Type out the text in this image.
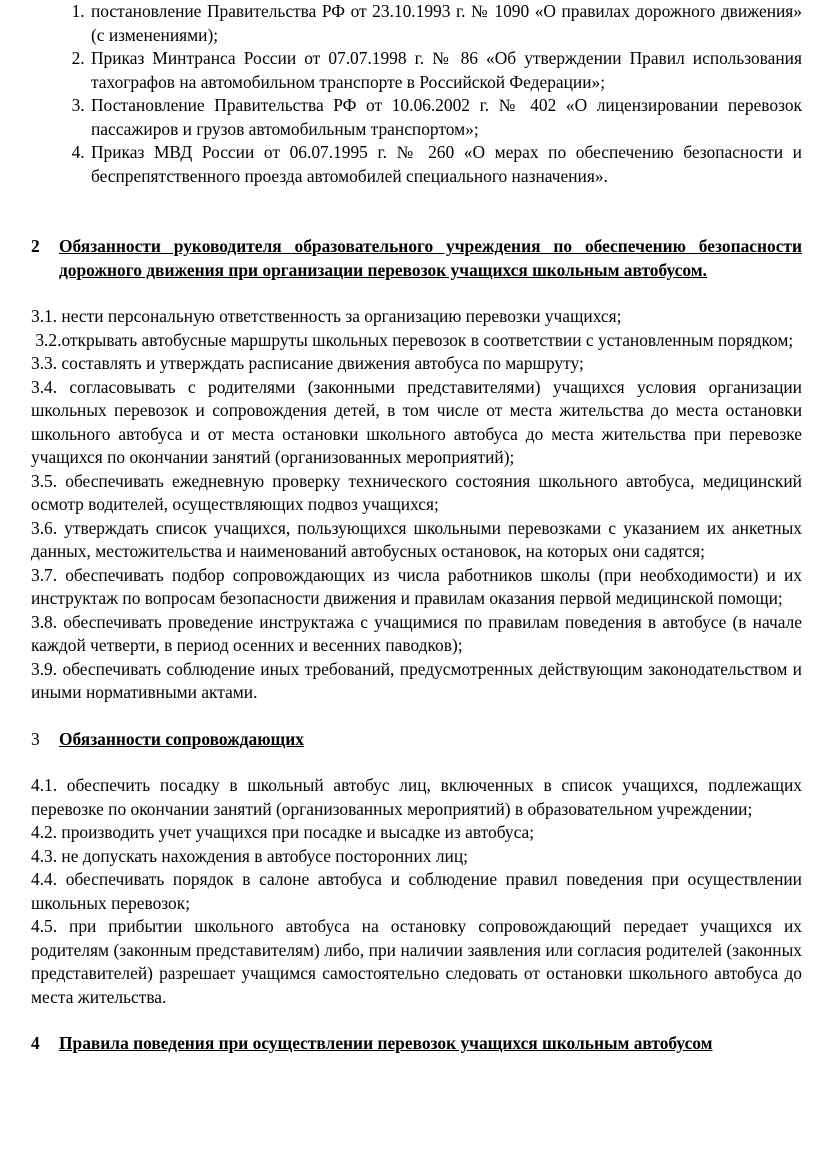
1. постановление Правительства РФ от 23.10.1993 г. № 1090 «О правилах дорожного движения» (с изменениями);
2. Приказ Минтранса России от 07.07.1998 г. № 86 «Об утверждении Правил использования тахографов на автомобильном транспорте в Российской Федерации»;
3. Постановление Правительства РФ от 10.06.2002 г. № 402 «О лицензировании перевозок пассажиров и грузов автомобильным транспортом»;
4. Приказ МВД России от 06.07.1995 г. № 260 «О мерах по обеспечению безопасности и беспрепятственного проезда автомобилей специального назначения».
2	Обязанности руководителя образовательного учреждения по обеспечению безопасности дорожного движения при организации перевозок учащихся школьным автобусом.

3.1. нести персональную ответственность за организацию перевозки учащихся;

3.2.открывать автобусные маршруты школьных перевозок в соответствии с установленным порядком;

3.3. составлять и утверждать расписание движения автобуса по маршруту;

3.4. согласовывать с родителями (законными представителями) учащихся условия организации школьных перевозок и сопровождения детей, в том числе от места жительства до места остановки школьного автобуса и от места остановки школьного автобуса до места жительства при перевозке учащихся по окончании занятий (организованных мероприятий);

3.5. обеспечивать ежедневную проверку технического состояния школьного автобуса, медицинский осмотр водителей, осуществляющих подвоз учащихся;

3.6. утверждать список учащихся, пользующихся школьными перевозками с указанием их анкетных данных, местожительства и наименований автобусных остановок, на которых они садятся;

3.7. обеспечивать подбор сопровождающих из числа работников школы (при необходимости) и их инструктаж по вопросам безопасности движения и правилам оказания первой медицинской помощи;

3.8. обеспечивать проведение инструктажа с учащимися по правилам поведения в автобусе (в начале каждой четверти, в период осенних и весенних паводков);

3.9. обеспечивать соблюдение иных требований, предусмотренных действующим законодательством и иными нормативными актами.

3	Обязанности сопровождающих

4.1. обеспечить посадку в школьный автобус лиц, включенных в список учащихся, подлежащих перевозке по окончании занятий (организованных мероприятий) в образовательном учреждении;

4.2. производить учет учащихся при посадке и высадке из автобуса;

4.3. не допускать нахождения в автобусе посторонних лиц;

4.4. обеспечивать порядок в салоне автобуса и соблюдение правил поведения при осуществлении школьных перевозок;

4.5. при прибытии школьного автобуса на остановку сопровождающий передает учащихся их родителям (законным представителям) либо, при наличии заявления или согласия родителей (законных представителей) разрешает учащимся самостоятельно следовать от остановки школьного автобуса до места жительства.

4	Правила поведения при осуществлении перевозок учащихся школьным автобусом
